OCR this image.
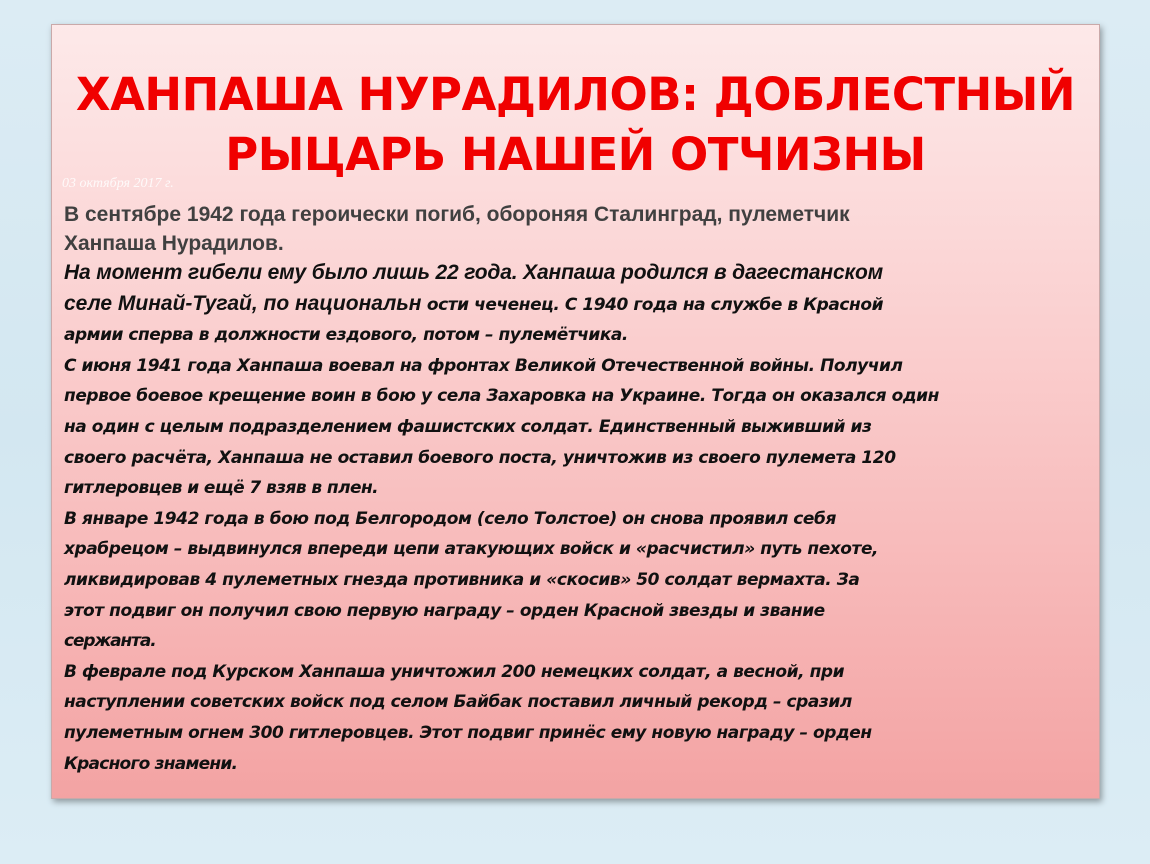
ХАНПАША НУРАДИЛОВ: ДОБЛЕСТНЫЙ
РЫЦАРЬ НАШЕЙ ОТЧИЗНЫ
03 октября 2017 г.

В сентябре 1942 года героически погиб, обороняя Сталинград, пулеметчик
Ханпаша Нурадилов.

На момент гибели ему было лишь 22 года. Ханпаша родился в дагестанском
селе Минай-Тугай, по национальн ости чеченец. С 1940 года на службе в Красной
армии сперва в должности ездового, потом – пулемётчика.
С июня 1941 года Ханпаша воевал на фронтах Великой Отечественной войны. Получил
первое боевое крещение воин в бою у села Захаровка на Украине. Тогда он оказался один
на один с целым подразделением фашистских солдат. Единственный выживший из
своего расчёта, Ханпаша не оставил боевого поста, уничтожив из своего пулемета 120
гитлеровцев и ещё 7 взяв в плен.
В январе 1942 года в бою под Белгородом (село Толстое) он снова проявил себя
храбрецом – выдвинулся впереди цепи атакующих войск и «расчистил» путь пехоте,
ликвидировав 4 пулеметных гнезда противника и «скосив» 50 солдат вермахта. За
этот подвиг он получил свою первую награду – орден Красной звезды и звание
сержанта.
В феврале под Курском Ханпаша уничтожил 200 немецких солдат, а весной, при
наступлении советских войск под селом Байбак поставил личный рекорд – сразил
пулеметным огнем 300 гитлеровцев. Этот подвиг принёс ему новую награду – орден
Красного знамени.
